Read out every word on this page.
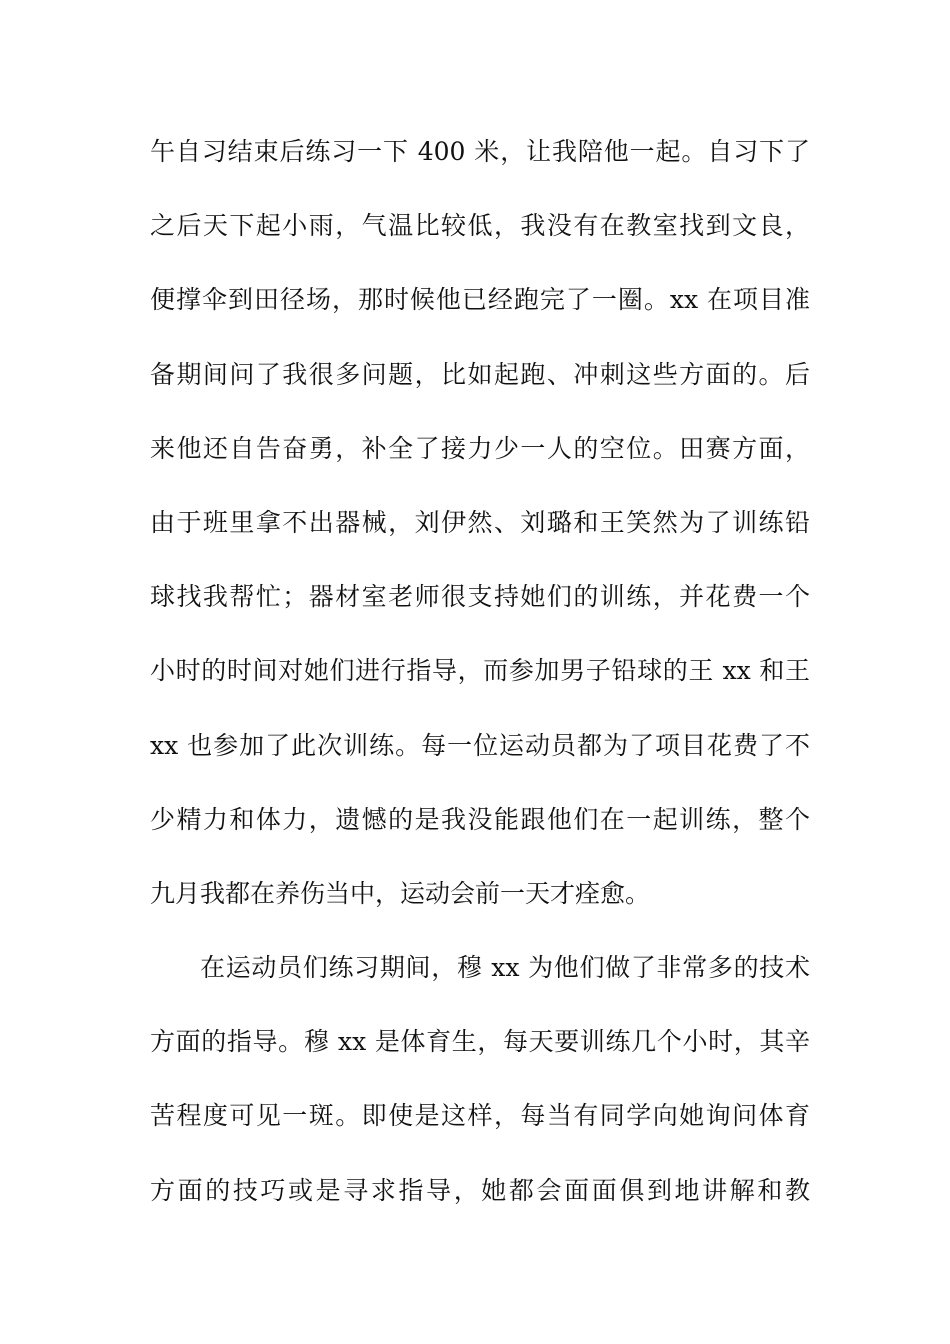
午自习结束后练习一下 400 米，让我陪他一起。自习下了
之后天下起小雨，气温比较低，我没有在教室找到文良，
便撑伞到田径场，那时候他已经跑完了一圈。xx 在项目准
备期间问了我很多问题，比如起跑、冲刺这些方面的。后
来他还自告奋勇，补全了接力少一人的空位。田赛方面，
由于班里拿不出器械，刘伊然、刘璐和王笑然为了训练铅
球找我帮忙；器材室老师很支持她们的训练，并花费一个
小时的时间对她们进行指导，而参加男子铅球的王 xx 和王
xx 也参加了此次训练。每一位运动员都为了项目花费了不
少精力和体力，遗憾的是我没能跟他们在一起训练，整个
九月我都在养伤当中，运动会前一天才痊愈。
在运动员们练习期间，穆 xx 为他们做了非常多的技术
方面的指导。穆 xx 是体育生，每天要训练几个小时，其辛
苦程度可见一斑。即使是这样，每当有同学向她询问体育
方面的技巧或是寻求指导，她都会面面俱到地讲解和教
